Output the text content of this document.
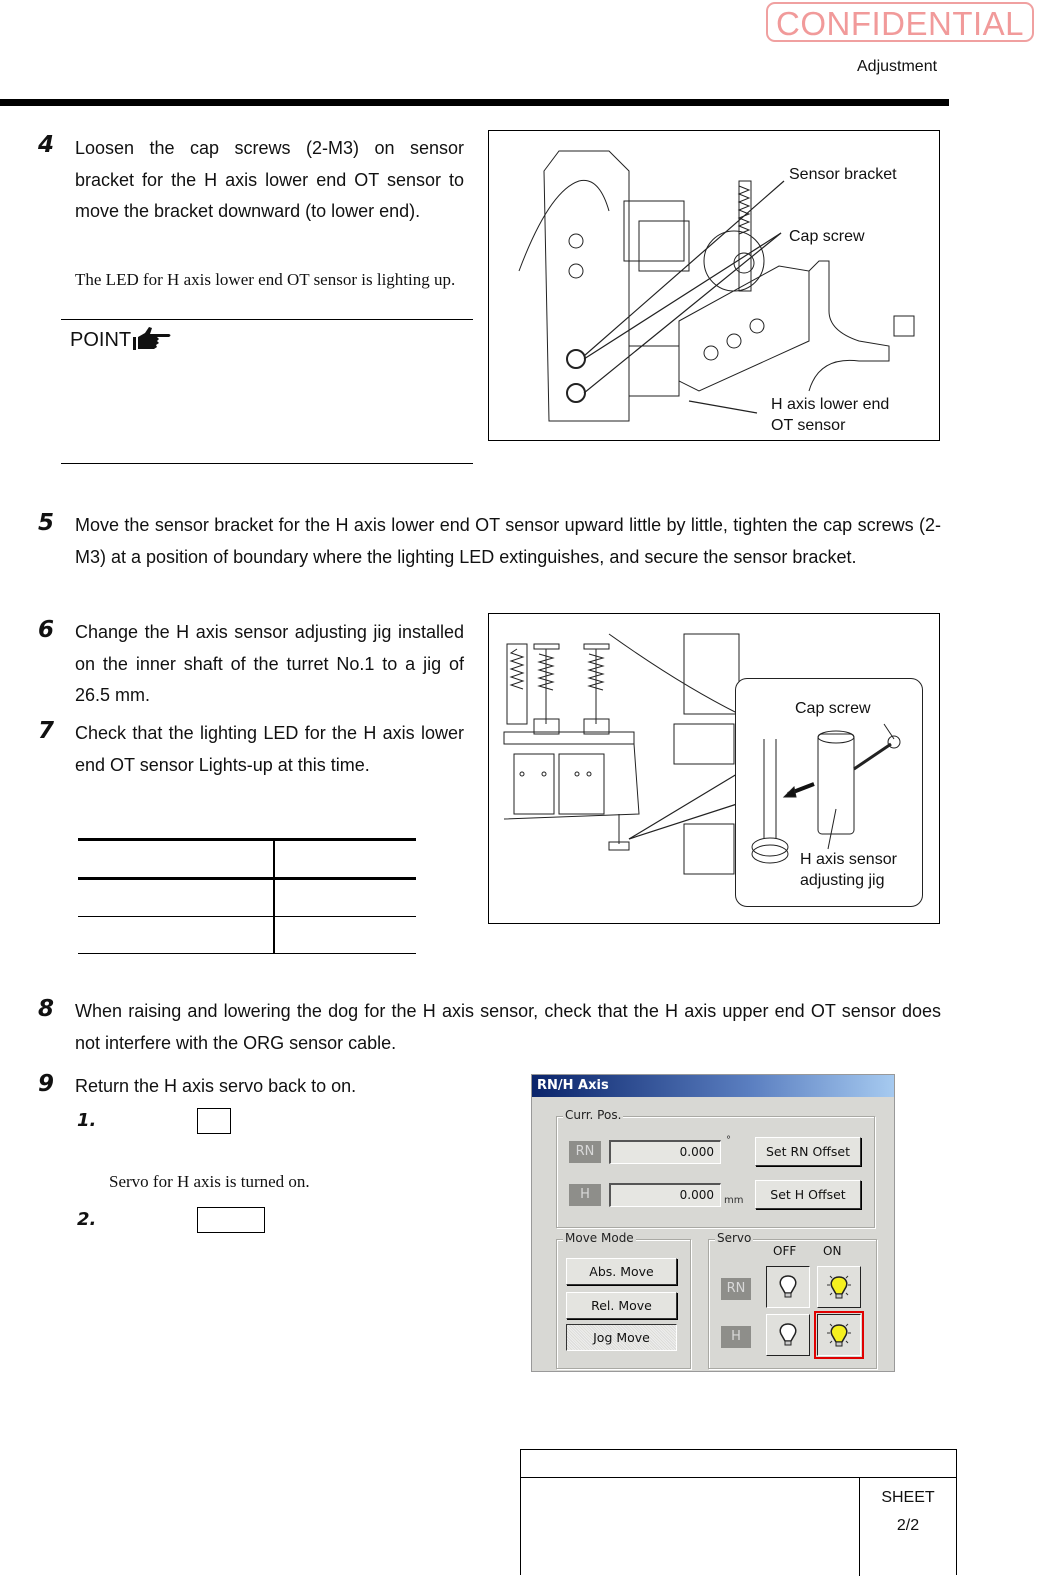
CONFIDENTIAL
Adjustment
4 Loosen the cap screws (2-M3) on sensor bracket for the H axis lower end OT sensor to move the bracket downward (to lower end).
The LED for H axis lower end OT sensor is lighting up.
POINT
Sensor bracket
Cap screw
H axis lower end
OT sensor
5 Move the sensor bracket for the H axis lower end OT sensor upward little by little, tighten the cap screws (2-M3) at a position of boundary where the lighting LED extinguishes, and secure the sensor bracket.
6 Change the H axis sensor adjusting jig installed on the inner shaft of the turret No.1 to a jig of 26.5 mm.
7 Check that the lighting LED for the H axis lower end OT sensor Lights-up at this time.

Cap screw
H axis sensor
adjusting jig
8 When raising and lowering the dog for the H axis sensor, check that the H axis upper end OT sensor does not interfere with the ORG sensor cable.
9 Return the H axis servo back to on.
1.
Servo for H axis is turned on.
2.
RN/H Axis
Curr. Pos.
RN	0.000
°
Set RN Offset
H	0.000	mm	Set H Offset
Move Mode
Abs. Move
Rel. Move
Jog Move
Servo
OFF ON
RN
H
SHEET
2/2
